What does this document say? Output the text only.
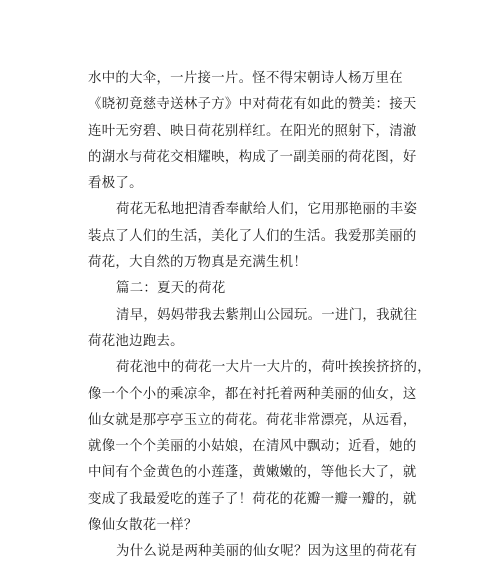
水中的大伞，一片接一片。怪不得宋朝诗人杨万里在
《晓初竟慈寺送林子方》中对荷花有如此的赞美：接天
连叶无穷碧、映日荷花别样红。在阳光的照射下，清澈
的湖水与荷花交相耀映，构成了一副美丽的荷花图，好
看极了。
荷花无私地把清香奉献给人们，它用那艳丽的丰姿
装点了人们的生活，美化了人们的生活。我爱那美丽的
荷花，大自然的万物真是充满生机！
篇二：夏天的荷花
清早，妈妈带我去紫荆山公园玩。一进门，我就往
荷花池边跑去。
荷花池中的荷花一大片一大片的，荷叶挨挨挤挤的，
像一个个小的乘凉伞，都在衬托着两种美丽的仙女，这
仙女就是那亭亭玉立的荷花。荷花非常漂亮，从远看，
就像一个个美丽的小姑娘，在清风中飘动；近看，她的
中间有个金黄色的小莲蓬，黄嫩嫩的，等他长大了，就
变成了我最爱吃的莲子了！荷花的花瓣一瓣一瓣的，就
像仙女散花一样？
为什么说是两种美丽的仙女呢？因为这里的荷花有
